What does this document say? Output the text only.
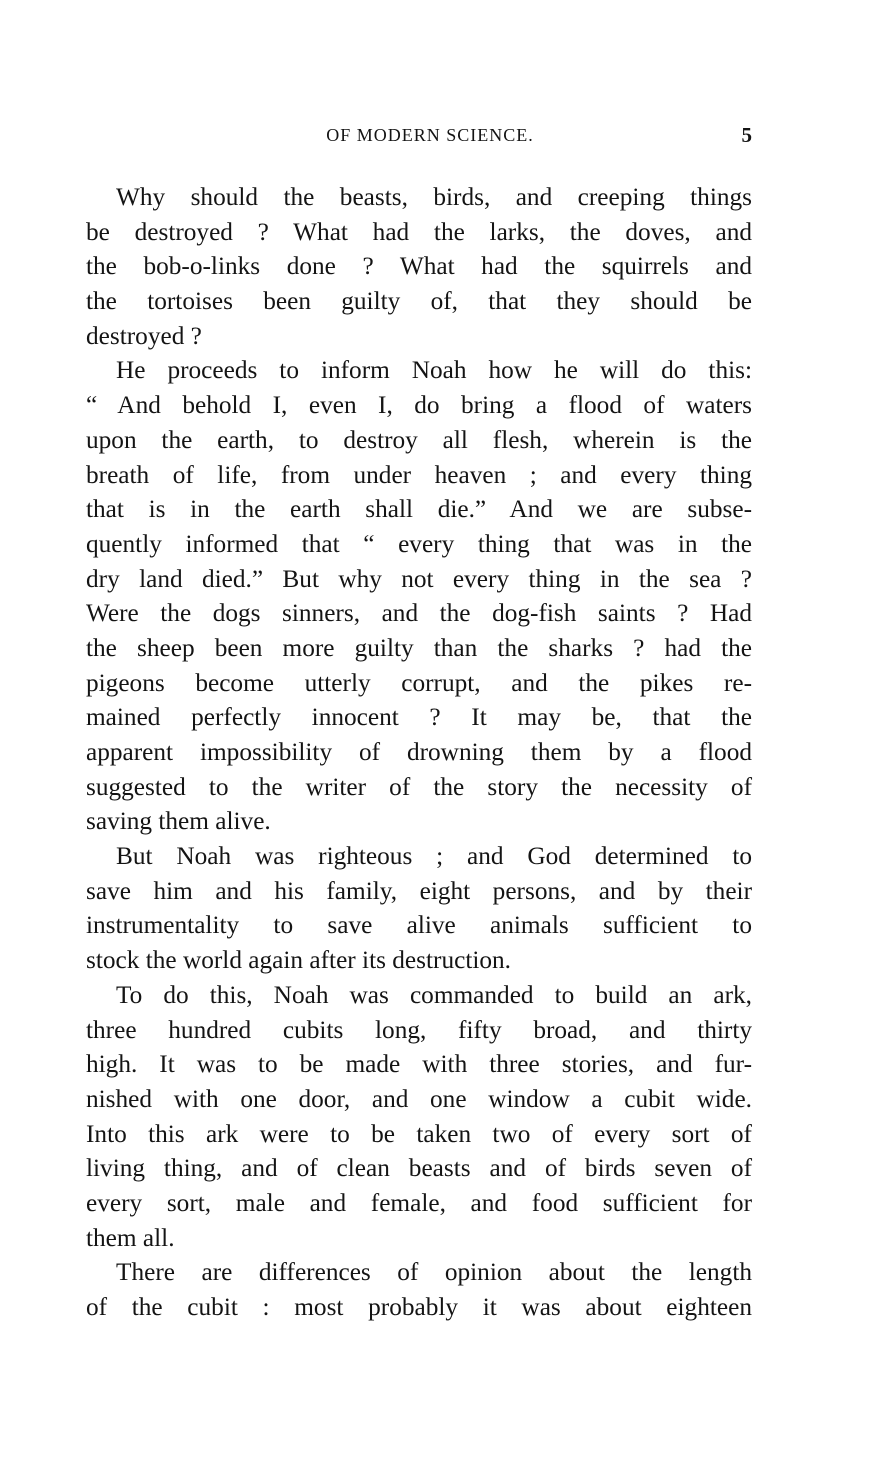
OF MODERN SCIENCE.	5
Why should the beasts, birds, and creeping things
be destroyed ? What had the larks, the doves, and
the bob-o-links done ? What had the squirrels and
the tortoises been guilty of, that they should be
destroyed ?
He proceeds to inform Noah how he will do this:
“ And behold I, even I, do bring a flood of waters
upon the earth, to destroy all flesh, wherein is the
breath of life, from under heaven ; and every thing
that is in the earth shall die.” And we are subse-
quently informed that “ every thing that was in the
dry land died.” But why not every thing in the sea ?
Were the dogs sinners, and the dog-fish saints ? Had
the sheep been more guilty than the sharks ? had the
pigeons become utterly corrupt, and the pikes re-
mained perfectly innocent ? It may be, that the
apparent impossibility of drowning them by a flood
suggested to the writer of the story the necessity of
saving them alive.
But Noah was righteous ; and God determined to
save him and his family, eight persons, and by their
instrumentality to save alive animals sufficient to
stock the world again after its destruction.
To do this, Noah was commanded to build an ark,
three hundred cubits long, fifty broad, and thirty
high. It was to be made with three stories, and fur-
nished with one door, and one window a cubit wide.
Into this ark were to be taken two of every sort of
living thing, and of clean beasts and of birds seven of
every sort, male and female, and food sufficient for
them all.
There are differences of opinion about the length
of the cubit : most probably it was about eighteen
